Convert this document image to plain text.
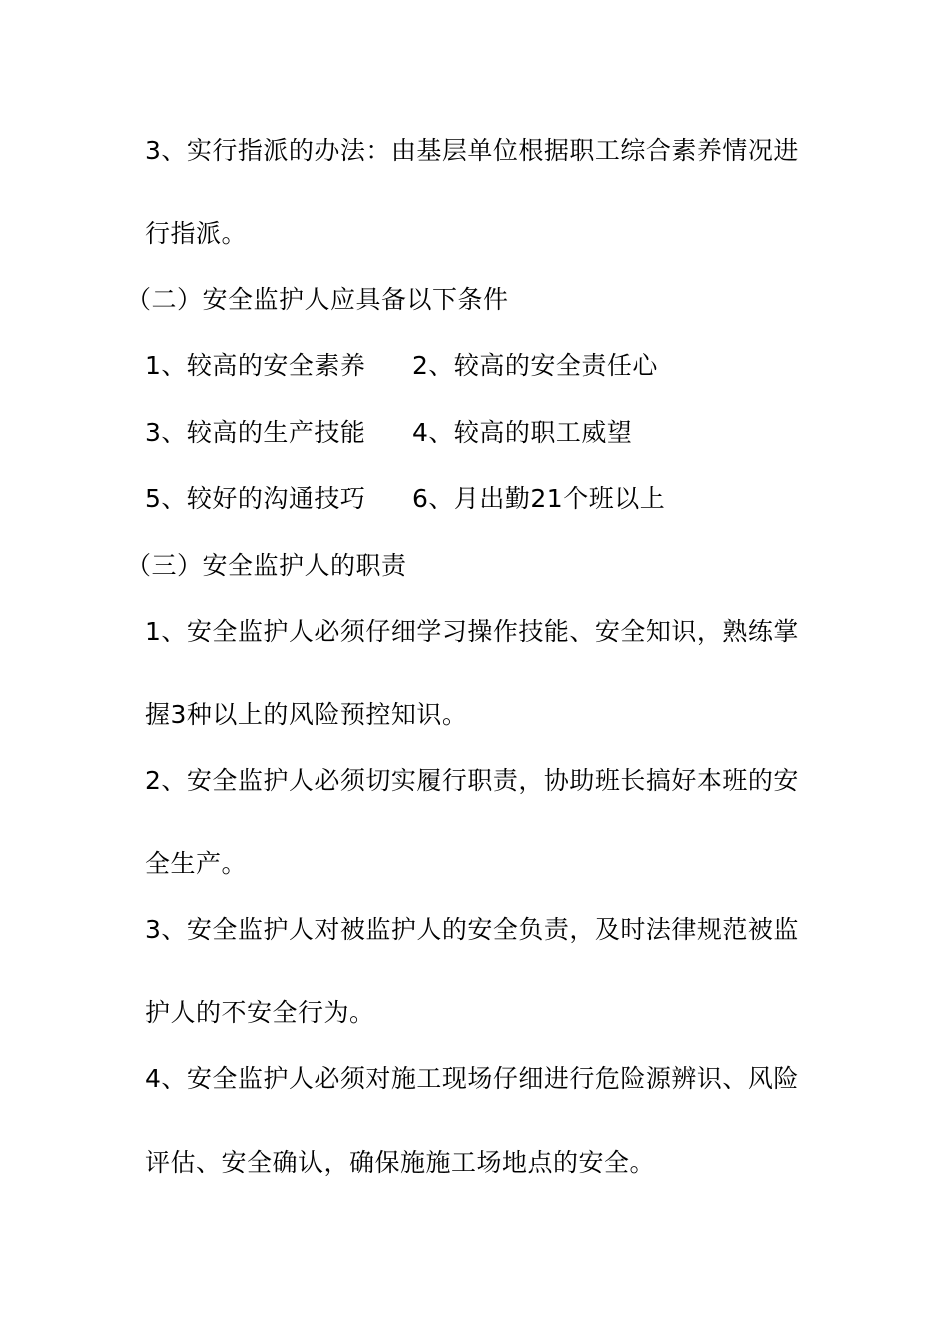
3、实行指派的办法：由基层单位根据职工综合素养情况进
行指派。
（二）安全监护人应具备以下条件
1、较高的安全素养 2、较高的安全责任心
3、较高的生产技能 4、较高的职工威望
5、较好的沟通技巧 6、月出勤21个班以上
（三）安全监护人的职责
1、安全监护人必须仔细学习操作技能、安全知识，熟练掌
握3种以上的风险预控知识。
2、安全监护人必须切实履行职责，协助班长搞好本班的安
全生产。
3、安全监护人对被监护人的安全负责，及时法律规范被监
护人的不安全行为。
4、安全监护人必须对施工现场仔细进行危险源辨识、风险
评估、安全确认，确保施施工场地点的安全。
